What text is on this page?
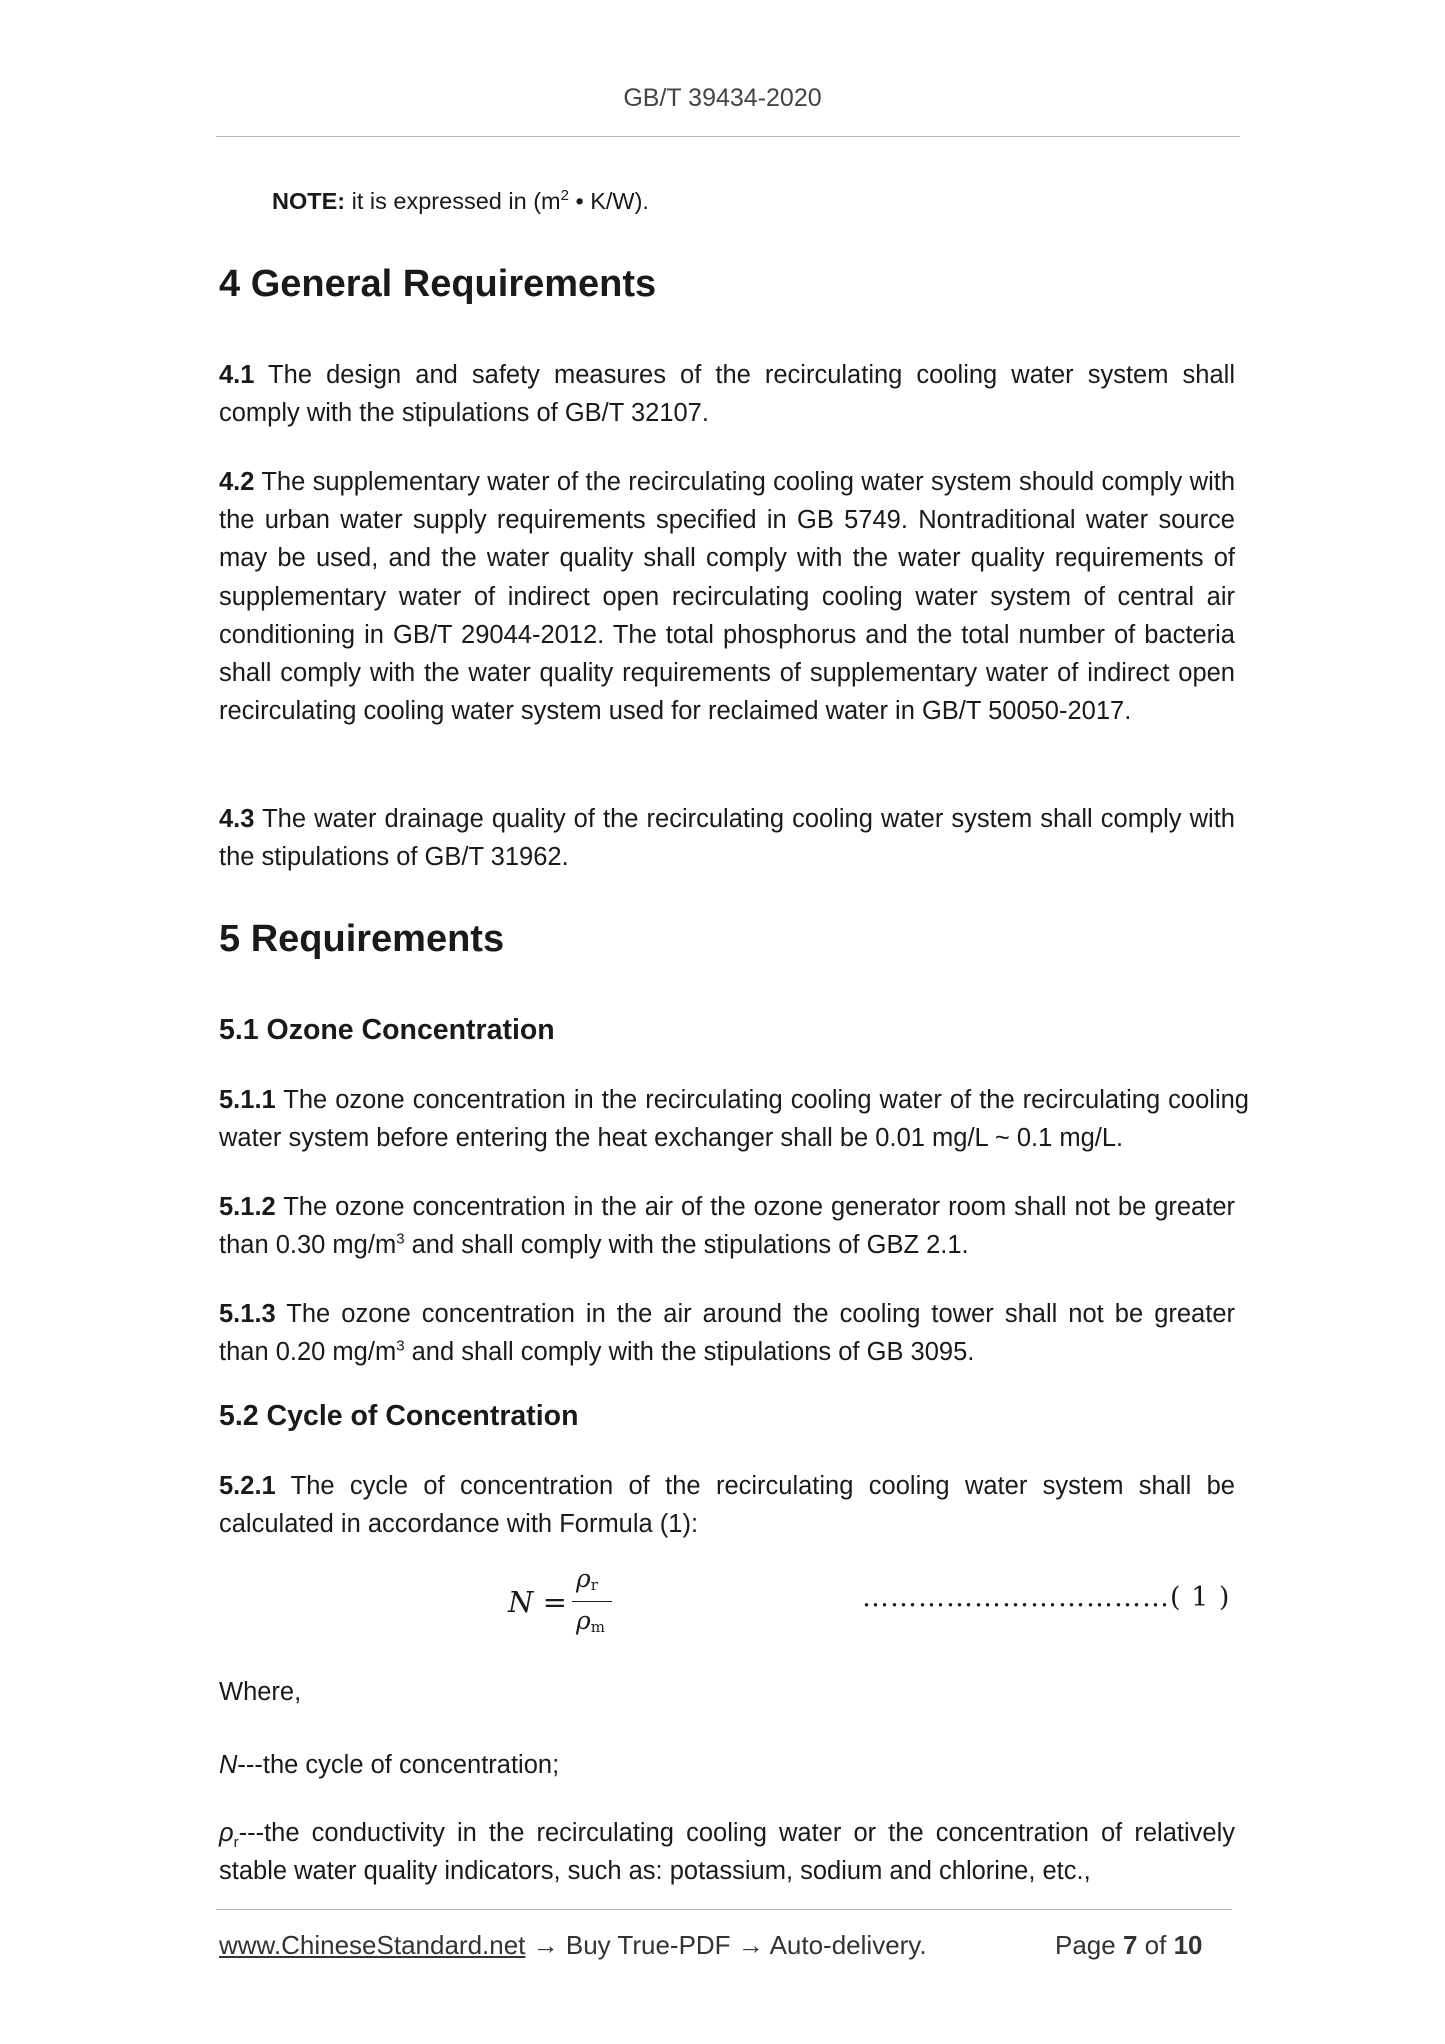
GB/T 39434-2020
NOTE: it is expressed in ($m^2$ • K/W).
4 General Requirements
4.1 The design and safety measures of the recirculating cooling water system shall comply with the stipulations of GB/T 32107.
4.2 The supplementary water of the recirculating cooling water system should comply with the urban water supply requirements specified in GB 5749. Nontraditional water source may be used, and the water quality shall comply with the water quality requirements of supplementary water of indirect open recirculating cooling water system of central air conditioning in GB/T 29044-2012. The total phosphorus and the total number of bacteria shall comply with the water quality requirements of supplementary water of indirect open recirculating cooling water system used for reclaimed water in GB/T 50050-2017.
4.3 The water drainage quality of the recirculating cooling water system shall comply with the stipulations of GB/T 31962.
5 Requirements
5.1 Ozone Concentration
5.1.1 The ozone concentration in the recirculating cooling water of the recirculating cooling water system before entering the heat exchanger shall be 0.01 mg/L ~ 0.1 mg/L.
5.1.2 The ozone concentration in the air of the ozone generator room shall not be greater than 0.30 $mg/m^3$ and shall comply with the stipulations of GBZ 2.1.
5.1.3 The ozone concentration in the air around the cooling tower shall not be greater than 0.20 $mg/m^3$ and shall comply with the stipulations of GB 3095.
5.2 Cycle of Concentration
5.2.1 The cycle of concentration of the recirculating cooling water system shall be calculated in accordance with Formula (1):
N =
ρr
ρm
……………………………( 1 )
Where,
N---the cycle of concentration;
$\rho_r--$-the conductivity in the recirculating cooling water or the concentration of relatively stable water quality indicators, such as: potassium, sodium and chlorine, etc.,
www.ChineseStandard.net → Buy True-PDF → Auto-delivery.	Page 7 of 10
